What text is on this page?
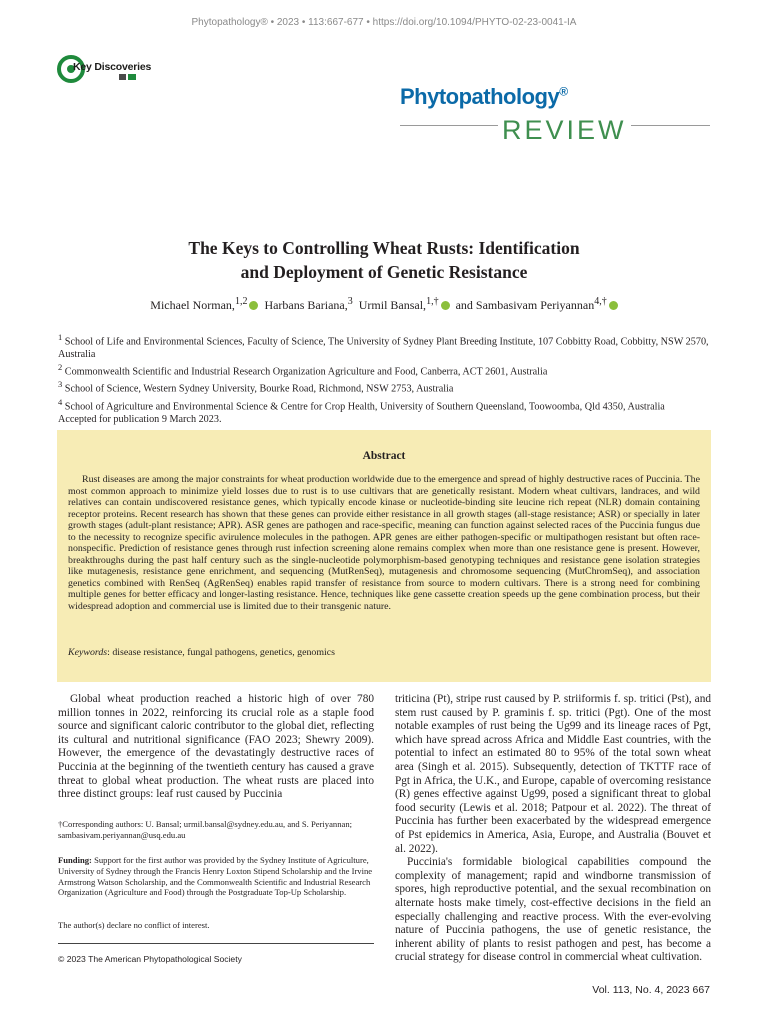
Phytopathology® • 2023 • 113:667-677 • https://doi.org/10.1094/PHYTO-02-23-0041-IA
Key Discoveries
Phytopathology®
REVIEW
The Keys to Controlling Wheat Rusts: Identification
and Deployment of Genetic Resistance
Michael Norman,$^{1,2}$ Harbans Bariana,$^3$ Urmil Bansal,$^{1,\dagger}$ and Sambasivam Periyannan$^{4,\dagger}$

$^1$ School of Life and Environmental Sciences, Faculty of Science, The University of Sydney Plant Breeding Institute, 107 Cobbitty Road, Cobbitty, NSW 2570, Australia

$^2$ Commonwealth Scientific and Industrial Research Organization Agriculture and Food, Canberra, ACT 2601, Australia

$^3$ School of Science, Western Sydney University, Bourke Road, Richmond, NSW 2753, Australia

$^4$ School of Agriculture and Environmental Science & Centre for Crop Health, University of Southern Queensland, Toowoomba, Qld 4350, Australia

Accepted for publication 9 March 2023.

Abstract

Rust diseases are among the major constraints for wheat production worldwide due to the emergence and spread of highly destructive races of Puccinia. The most common approach to minimize yield losses due to rust is to use cultivars that are genetically resistant. Modern wheat cultivars, landraces, and wild relatives can contain undiscovered resistance genes, which typically encode kinase or nucleotide-binding site leucine rich repeat (NLR) domain containing receptor proteins. Recent research has shown that these genes can provide either resistance in all growth stages (all-stage resistance; ASR) or specially in later growth stages (adult-plant resistance; APR). ASR genes are pathogen and race-specific, meaning can function against selected races of the Puccinia fungus due to the necessity to recognize specific avirulence molecules in the pathogen. APR genes are either pathogen-specific or multipathogen resistant but often race-nonspecific. Prediction of resistance genes through rust infection screening alone remains complex when more than one resistance gene is present. However, breakthroughs during the past half century such as the single-nucleotide polymorphism-based genotyping techniques and resistance gene isolation strategies like mutagenesis, resistance gene enrichment, and sequencing (MutRenSeq), mutagenesis and chromosome sequencing (MutChromSeq), and association genetics combined with RenSeq (AgRenSeq) enables rapid transfer of resistance from source to modern cultivars. There is a strong need for combining multiple genes for better efficacy and longer-lasting resistance. Hence, techniques like gene cassette creation speeds up the gene combination process, but their widespread adoption and commercial use is limited due to their transgenic nature.

Keywords: disease resistance, fungal pathogens, genetics, genomics

Global wheat production reached a historic high of over 780 million tonnes in 2022, reinforcing its crucial role as a staple food source and significant caloric contributor to the global diet, reflecting its cultural and nutritional significance (FAO 2023; Shewry 2009). However, the emergence of the devastatingly destructive races of Puccinia at the beginning of the twentieth century has caused a grave threat to global wheat production. The wheat rusts are placed into three distinct groups: leaf rust caused by Puccinia

triticina (Pt), stripe rust caused by P. striiformis f. sp. tritici (Pst), and stem rust caused by P. graminis f. sp. tritici (Pgt). One of the most notable examples of rust being the Ug99 and its lineage races of Pgt, which have spread across Africa and Middle East countries, with the potential to infect an estimated 80 to 95% of the total sown wheat area (Singh et al. 2015). Subsequently, detection of TKTTF race of Pgt in Africa, the U.K., and Europe, capable of overcoming resistance (R) genes effective against Ug99, posed a significant threat to global food security (Lewis et al. 2018; Patpour et al. 2022). The threat of Puccinia has further been exacerbated by the widespread emergence of Pst epidemics in America, Asia, Europe, and Australia (Bouvet et al. 2022).

Puccinia's formidable biological capabilities compound the complexity of management; rapid and windborne transmission of spores, high reproductive potential, and the sexual recombination on alternate hosts make timely, cost-effective decisions in the field an especially challenging and reactive process. With the ever-evolving nature of Puccinia pathogens, the use of genetic resistance, the inherent ability of plants to resist pathogen and pest, has become a crucial strategy for disease control in commercial wheat cultivation.

†Corresponding authors: U. Bansal; urmil.bansal@sydney.edu.au, and S. Periyannan; sambasivam.periyannan@usq.edu.au

Funding: Support for the first author was provided by the Sydney Institute of Agriculture, University of Sydney through the Francis Henry Loxton Stipend Scholarship and the Irvine Armstrong Watson Scholarship, and the Commonwealth Scientific and Industrial Research Organization (Agriculture and Food) through the Postgraduate Top-Up Scholarship.

The author(s) declare no conflict of interest.

© 2023 The American Phytopathological Society
Vol. 113, No. 4, 2023 667
